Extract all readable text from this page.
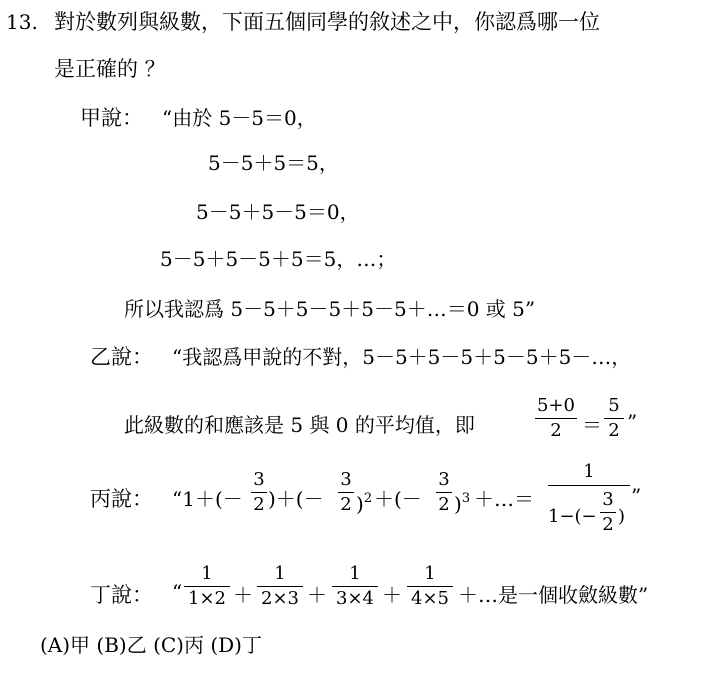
13. 對於數列與級數，下面五個同學的敘述之中，你認爲哪一位
是正確的 ？
甲說： “由於 5－5＝0，
5－5＋5＝5，
5－5＋5－5＝0，
5－5＋5－5＋5＝5，…；
所以我認爲 5－5＋5－5＋5－5＋…＝0 或 5”
乙說： “我認爲甲說的不對，5－5＋5－5＋5－5＋5－…，
此級數的和應該是 5 與 0 的平均值，即
5+0
2	＝
5
2 ”
丙說： “1＋(－
3
2 )＋(－
3
2 )$^2$ ＋(－
3
2 )$^3$ ＋…＝
1
1−(−
3
2 )
”
丁說： “
1
1×2 ＋
1
2×3 ＋
1
3×4 ＋
1
4×5 ＋…是一個收斂級數”
(A)甲 (B)乙 (C)丙 (D)丁
